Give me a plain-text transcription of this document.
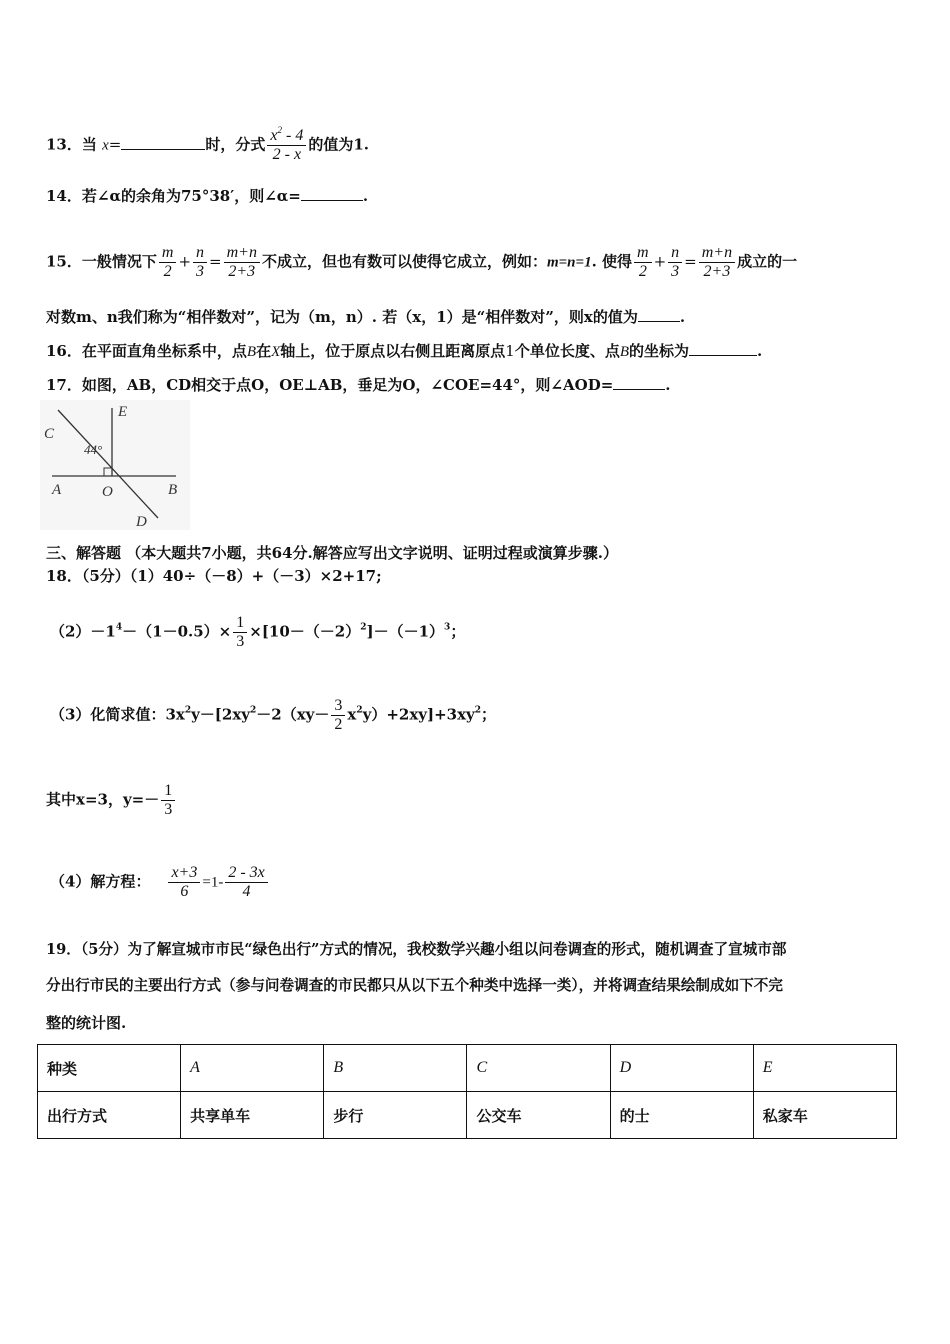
13．当 x=	时，分式 $\frac{x^2 - 4}{2 - x}$ 的值为1.
14．若∠α的余角为75°38′，则∠α=	.
15．一般情况下 $\frac{m}{2} + \frac{n}{3} = \frac{m+n}{2+3}$ 不成立，但也有数可以使得它成立，例如：m=n=1. 使得 $\frac{m}{2} + \frac{n}{3} = \frac{m+n}{2+3}$ 成立的一
对数m、n我们称为“相伴数对”，记为（m，n）. 若（x，1）是“相伴数对”，则x的值为	.
16．在平面直角坐标系中，点B在X轴上，位于原点以右侧且距离原点1个单位长度、点B的坐标为	.
17．如图，AB，CD相交于点O，OE⊥AB，垂足为O，∠COE=44°，则∠AOD=	.
E
C
44°
A	O	B
D
三、解答题 （本大题共7小题，共64分.解答应写出文字说明、证明过程或演算步骤.）
18．（5分）（1）40÷（－8）+（－3）×2+17;
$(2)-1^4-(1-0.5)\times \frac{1}{3} \times[10-(-2)^2]-(-1)^3$；
（3）化简求值：$3x^2y-[2xy^2-2(xy- \frac{3}{2} x^2y)+2xy]+3xy^2$；
其中x=3，$y=- \frac{1}{3}$
（4）解方程： $\frac{x+3}{6} =1- \frac{2 - 3x}{4}$
19．（5分）为了解宣城市市民“绿色出行”方式的情况，我校数学兴趣小组以问卷调查的形式，随机调查了宣城市部
分出行市民的主要出行方式（参与问卷调查的市民都只从以下五个种类中选择一类），并将调查结果绘制成如下不完
整的统计图.
种类	A	B	C	D	E
出行方式	共享单车	步行	公交车	的士	私家车
